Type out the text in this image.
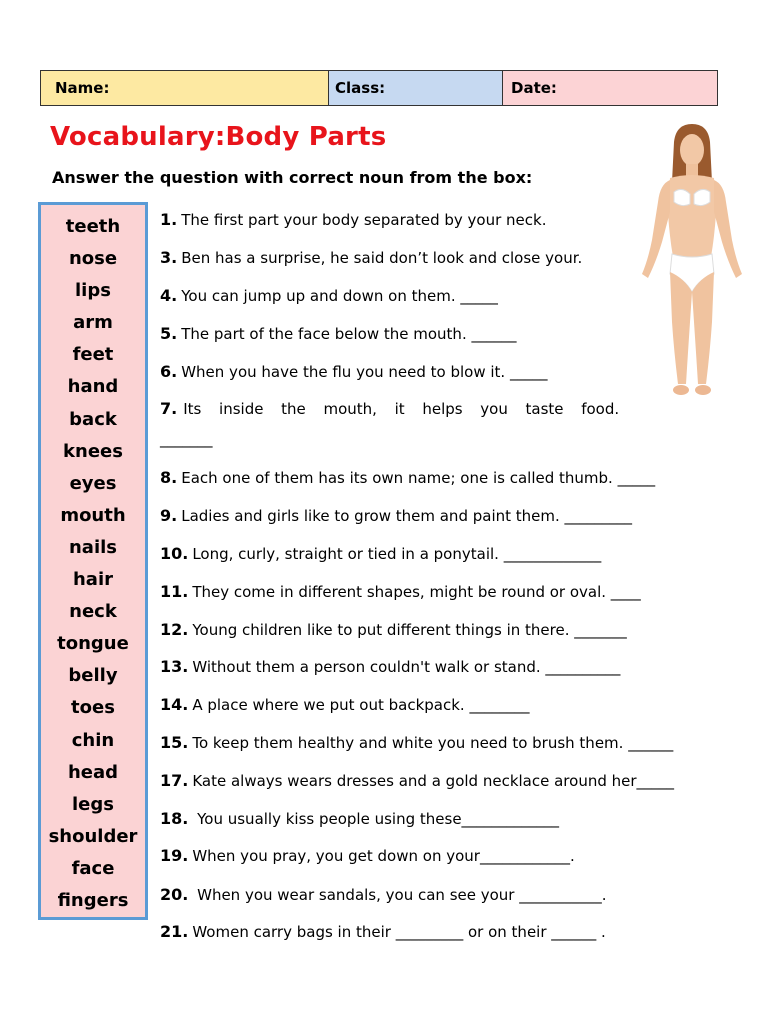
Name:	Class:	Date:
Vocabulary:Body Parts
Answer the question with correct noun from the box:
teeth
nose
lips
arm
feet
hand
back
knees
eyes
mouth
nails
hair
neck
tongue
belly
toes
chin
head
legs
shoulder
face
fingers
1. The first part your body separated by your neck.
3. Ben has a surprise, he said don’t look and close your.
4. You can jump up and down on them. _____
5. The part of the face below the mouth. ______
6. When you have the flu you need to blow it. _____
7. Its inside the mouth, it helps you taste food.
_______
8. Each one of them has its own name; one is called thumb. _____
9. Ladies and girls like to grow them and paint them. _________
10. Long, curly, straight or tied in a ponytail. _____________
11. They come in different shapes, might be round or oval. ____
12. Young children like to put different things in there. _______
13. Without them a person couldn't walk or stand. __________
14. A place where we put out backpack. ________
15. To keep them healthy and white you need to brush them. ______
17. Kate always wears dresses and a gold necklace around her_____
18. You usually kiss people using these_____________
19. When you pray, you get down on your____________.
20. When you wear sandals, you can see your ___________.
21. Women carry bags in their _________ or on their ______ .
